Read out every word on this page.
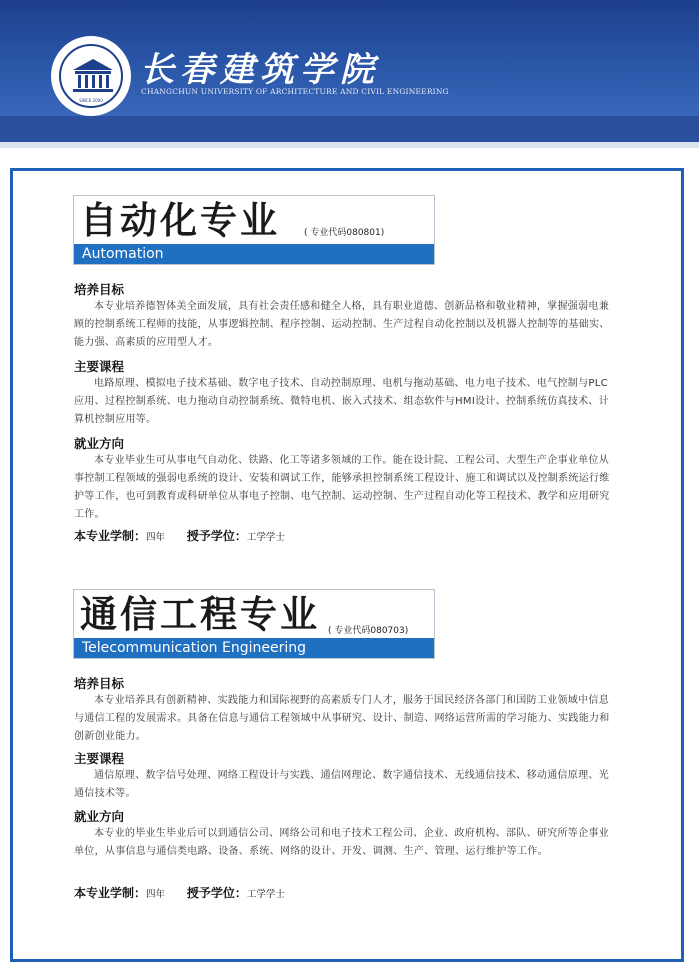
SINCE 2000
长春建筑学院
CHANGCHUN UNIVERSITY OF ARCHITECTURE AND CIVIL ENGINEERING
自动化专业	( 专业代码080801)
Automation
培养目标
本专业培养德智体美全面发展，具有社会责任感和健全人格，具有职业道德、创新品格和敬业精神，掌握强弱电兼顾的控制系统工程师的技能，从事逻辑控制、程序控制、运动控制、生产过程自动化控制以及机器人控制等的基础实、能力强、高素质的应用型人才。
主要课程
电路原理、模拟电子技术基础、数字电子技术、自动控制原理、电机与拖动基础、电力电子技术、电气控制与PLC应用、过程控制系统、电力拖动自动控制系统、微特电机、嵌入式技术、组态软件与HMI设计、控制系统仿真技术、计算机控制应用等。
就业方向
本专业毕业生可从事电气自动化、铁路、化工等诸多领域的工作。能在设计院、工程公司、大型生产企事业单位从事控制工程领域的强弱电系统的设计、安装和调试工作，能够承担控制系统工程设计、施工和调试以及控制系统运行维护等工作，也可到教育或科研单位从事电子控制、电气控制、运动控制、生产过程自动化等工程技术、教学和应用研究工作。
本专业学制：四年 授予学位：工学学士
通信工程专业 ( 专业代码080703)
Telecommunication Engineering
培养目标
本专业培养具有创新精神、实践能力和国际视野的高素质专门人才，服务于国民经济各部门和国防工业领域中信息与通信工程的发展需求。具备在信息与通信工程领域中从事研究、设计、制造、网络运营所需的学习能力、实践能力和创新创业能力。
主要课程
通信原理、数字信号处理、网络工程设计与实践、通信网理论、数字通信技术、无线通信技术、移动通信原理、光通信技术等。
就业方向
本专业的毕业生毕业后可以到通信公司、网络公司和电子技术工程公司、企业、政府机构、部队、研究所等企事业单位，从事信息与通信类电路、设备、系统、网络的设计、开发、调测、生产、管理、运行维护等工作。
本专业学制：四年 授予学位：工学学士
